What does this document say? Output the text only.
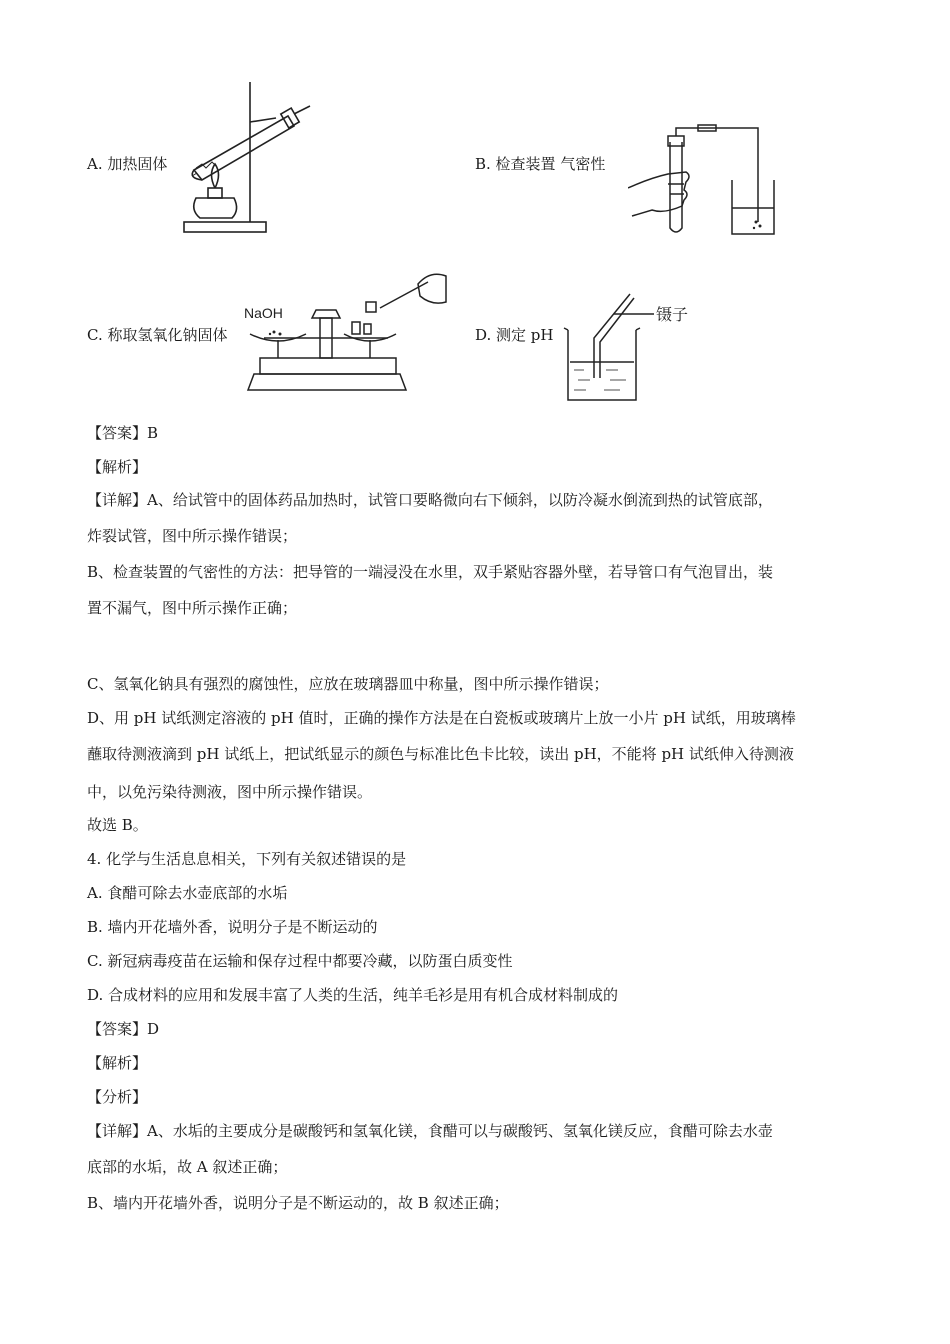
A. 加热固体	B. 检查装置 气密性
C. 称取氢氧化钠固体	D. 测定 pH
NaOH	镊子
【答案】B
【解析】
【详解】A、给试管中的固体药品加热时，试管口要略微向右下倾斜，以防冷凝水倒流到热的试管底部，
炸裂试管，图中所示操作错误；
B、检查装置的气密性的方法：把导管的一端浸没在水里，双手紧贴容器外壁，若导管口有气泡冒出，装
置不漏气，图中所示操作正确；
C、氢氧化钠具有强烈的腐蚀性，应放在玻璃器皿中称量，图中所示操作错误；
D、用 pH 试纸测定溶液的 pH 值时，正确的操作方法是在白瓷板或玻璃片上放一小片 pH 试纸，用玻璃棒
蘸取待测液滴到 pH 试纸上，把试纸显示的颜色与标准比色卡比较，读出 pH，不能将 pH 试纸伸入待测液
中，以免污染待测液，图中所示操作错误。
故选 B。
4. 化学与生活息息相关，下列有关叙述错误的是
A. 食醋可除去水壶底部的水垢
B. 墙内开花墙外香，说明分子是不断运动的
C. 新冠病毒疫苗在运输和保存过程中都要冷藏，以防蛋白质变性
D. 合成材料的应用和发展丰富了人类的生活，纯羊毛衫是用有机合成材料制成的
【答案】D
【解析】
【分析】
【详解】A、水垢的主要成分是碳酸钙和氢氧化镁，食醋可以与碳酸钙、氢氧化镁反应，食醋可除去水壶
底部的水垢，故 A 叙述正确；
B、墙内开花墙外香，说明分子是不断运动的，故 B 叙述正确；
